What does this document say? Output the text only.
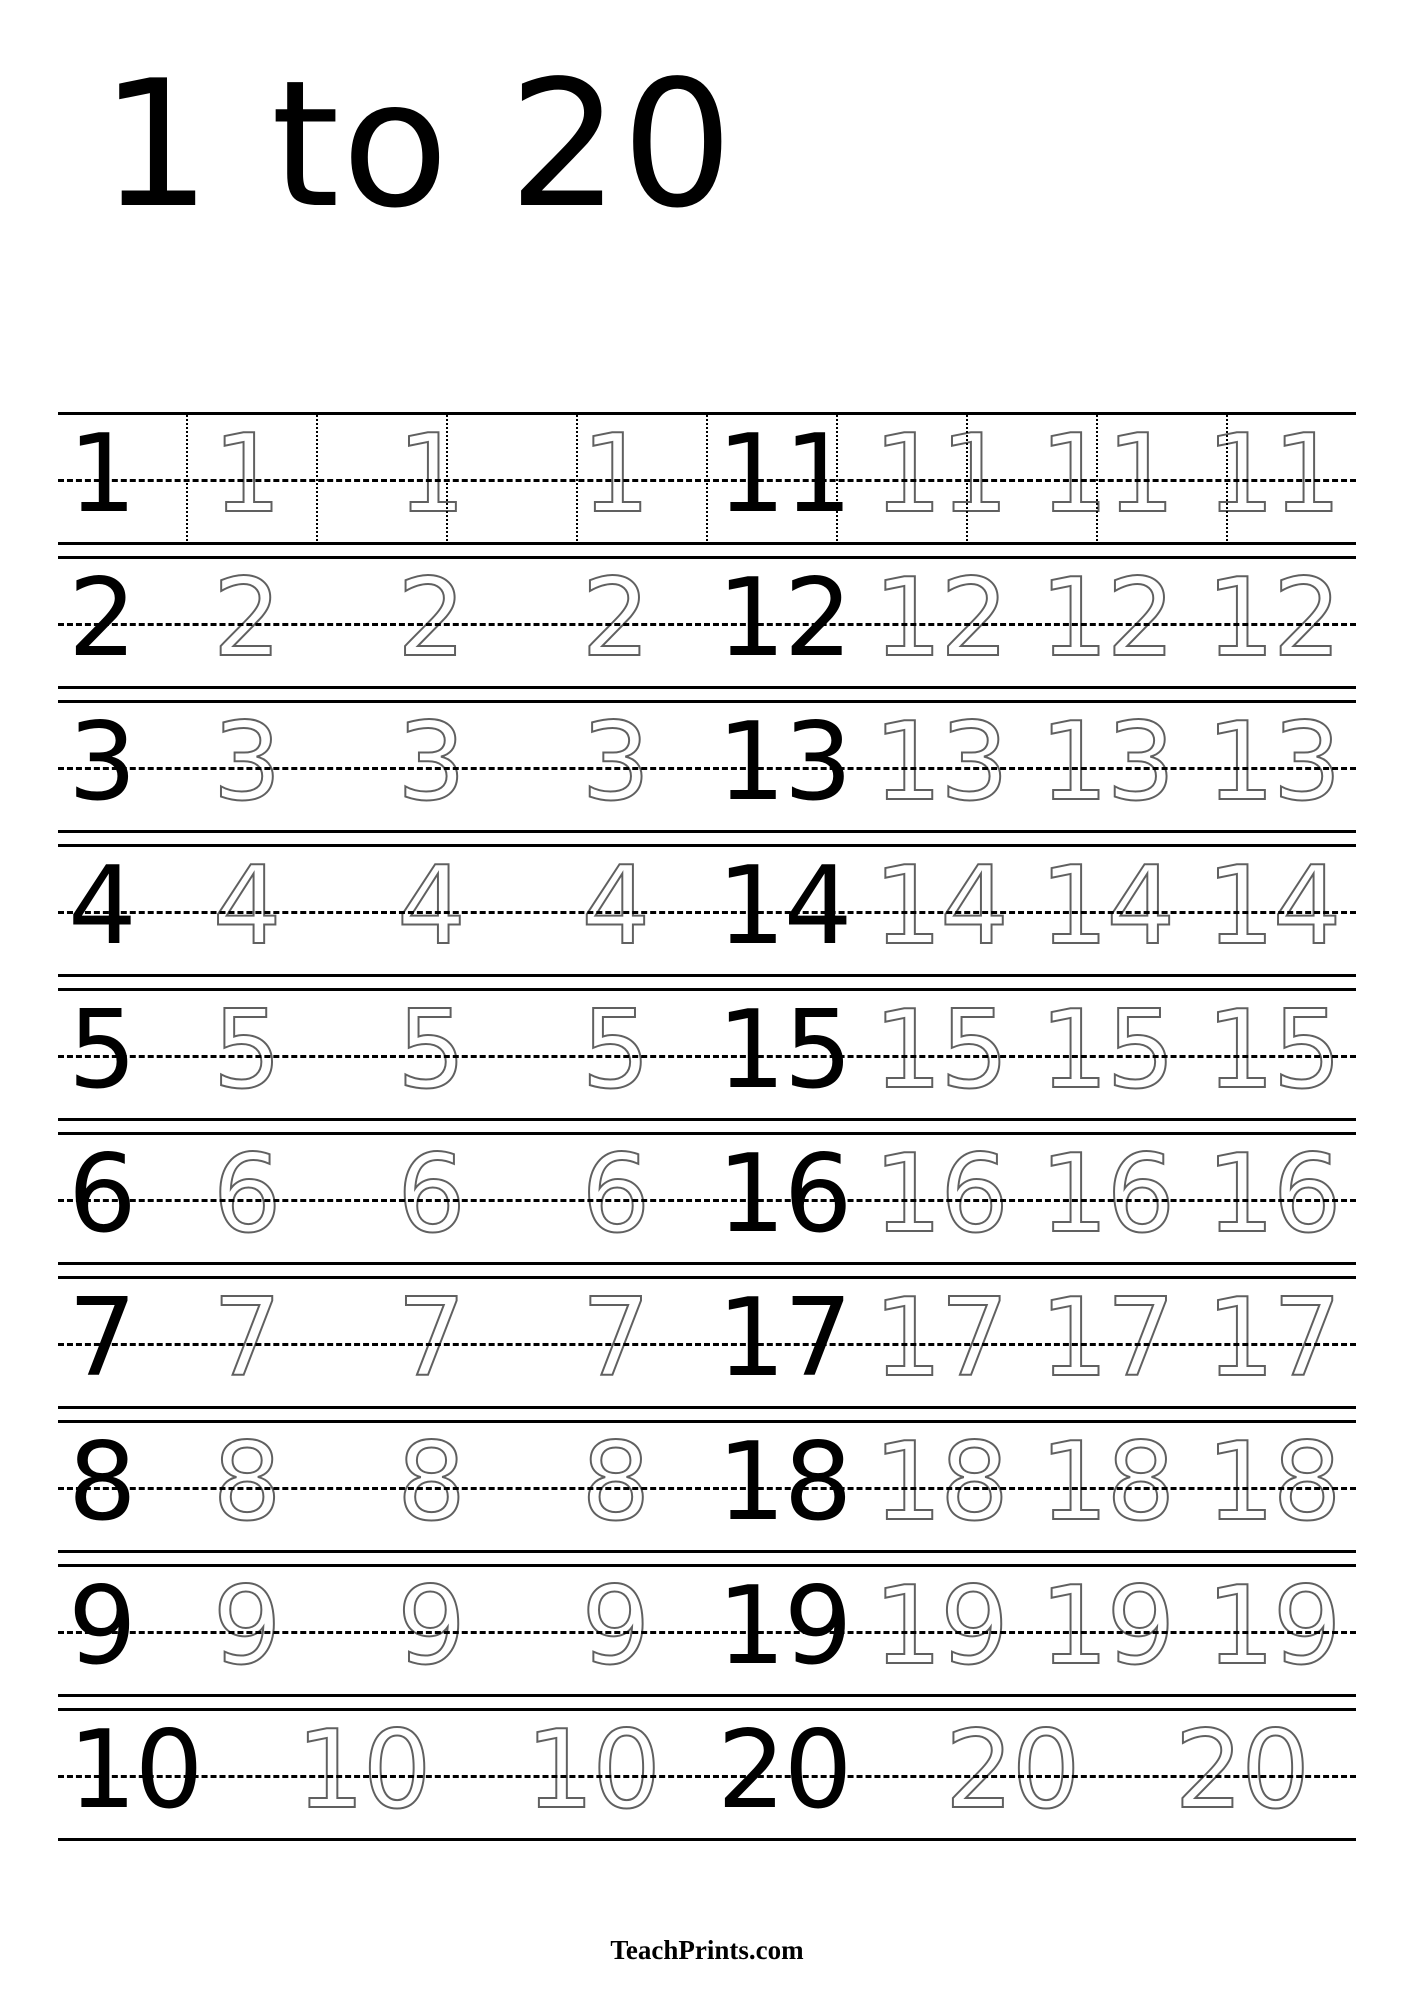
1 to 20
1 1 1 1 11 11 11 11
2 2 2 2 12 12 12 12
3 3 3 3 13 13 13 13
4 4 4 4 14 14 14 14
5 5 5 5 15 15 15 15
6 6 6 6 16 16 16 16
7 7 7 7 17 17 17 17
8 8 8 8 18 18 18 18
9 9 9 9 19 19 19 19
10 10 10 20 20 20
TeachPrints.com
